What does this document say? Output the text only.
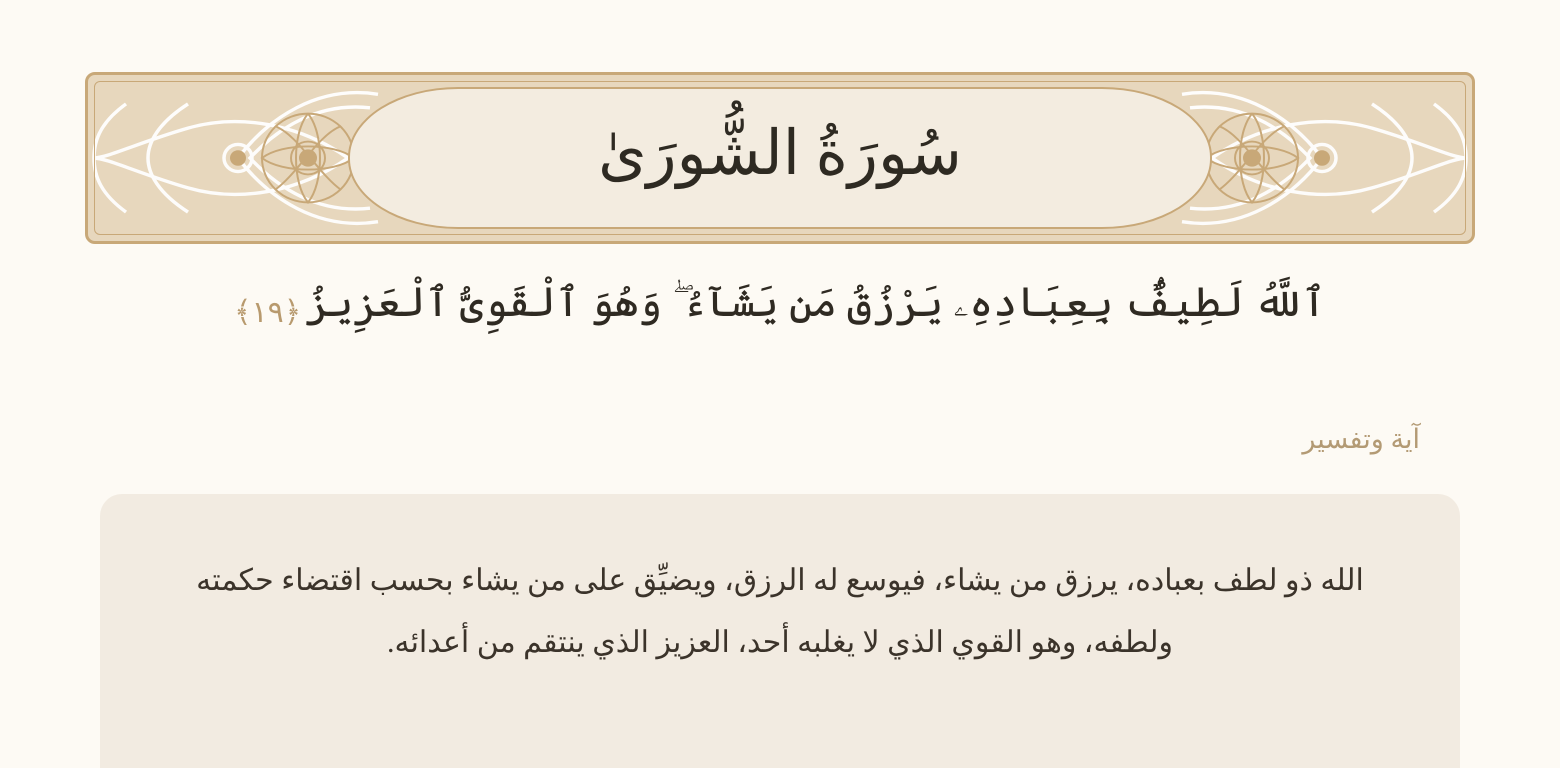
سُورَةُ الشُّورَىٰ
ٱللَّهُ لَطِيفٌۢ بِعِبَادِهِۦ يَرْزُقُ مَن يَشَآءُ ۖ وَهُوَ ٱلْقَوِىُّ ٱلْعَزِيزُ ﴿١٩﴾
آية وتفسير
الله ذو لطف بعباده، يرزق من يشاء، فيوسع له الرزق، ويضيِّق على من يشاء بحسب اقتضاء حكمته ولطفه، وهو القوي الذي لا يغلبه أحد، العزيز الذي ينتقم من أعدائه.
